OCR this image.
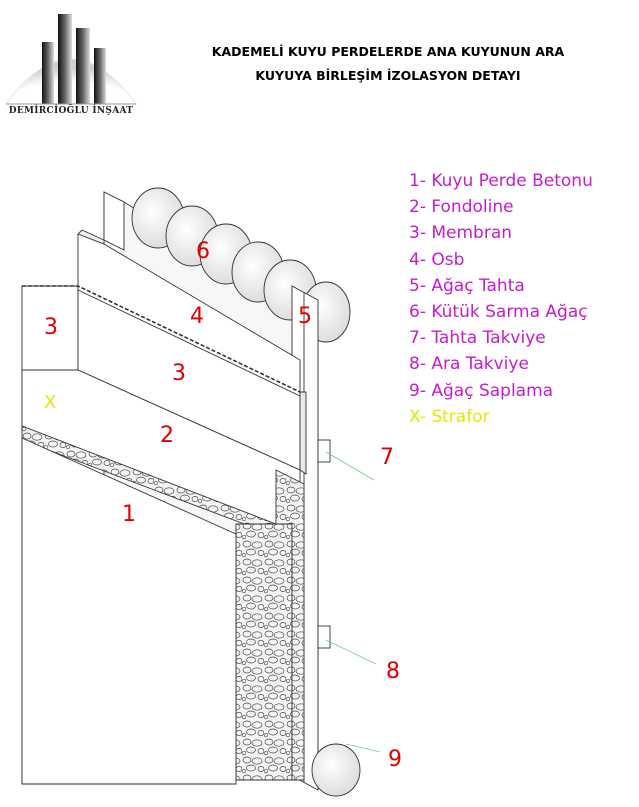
DEMİRCİOĞLU İNŞAAT
KADEMELİ KUYU PERDELERDE ANA KUYUNUN ARA
KUYUYA BİRLEŞİM İZOLASYON DETAYI
1
2
3
3
4	5
6
7
8
9
X
1- Kuyu Perde Betonu
2- Fondoline
3- Membran
4- Osb
5- Ağaç Tahta
6- Kütük Sarma Ağaç
7- Tahta Takviye
8- Ara Takviye
9- Ağaç Saplama
X- Strafor
